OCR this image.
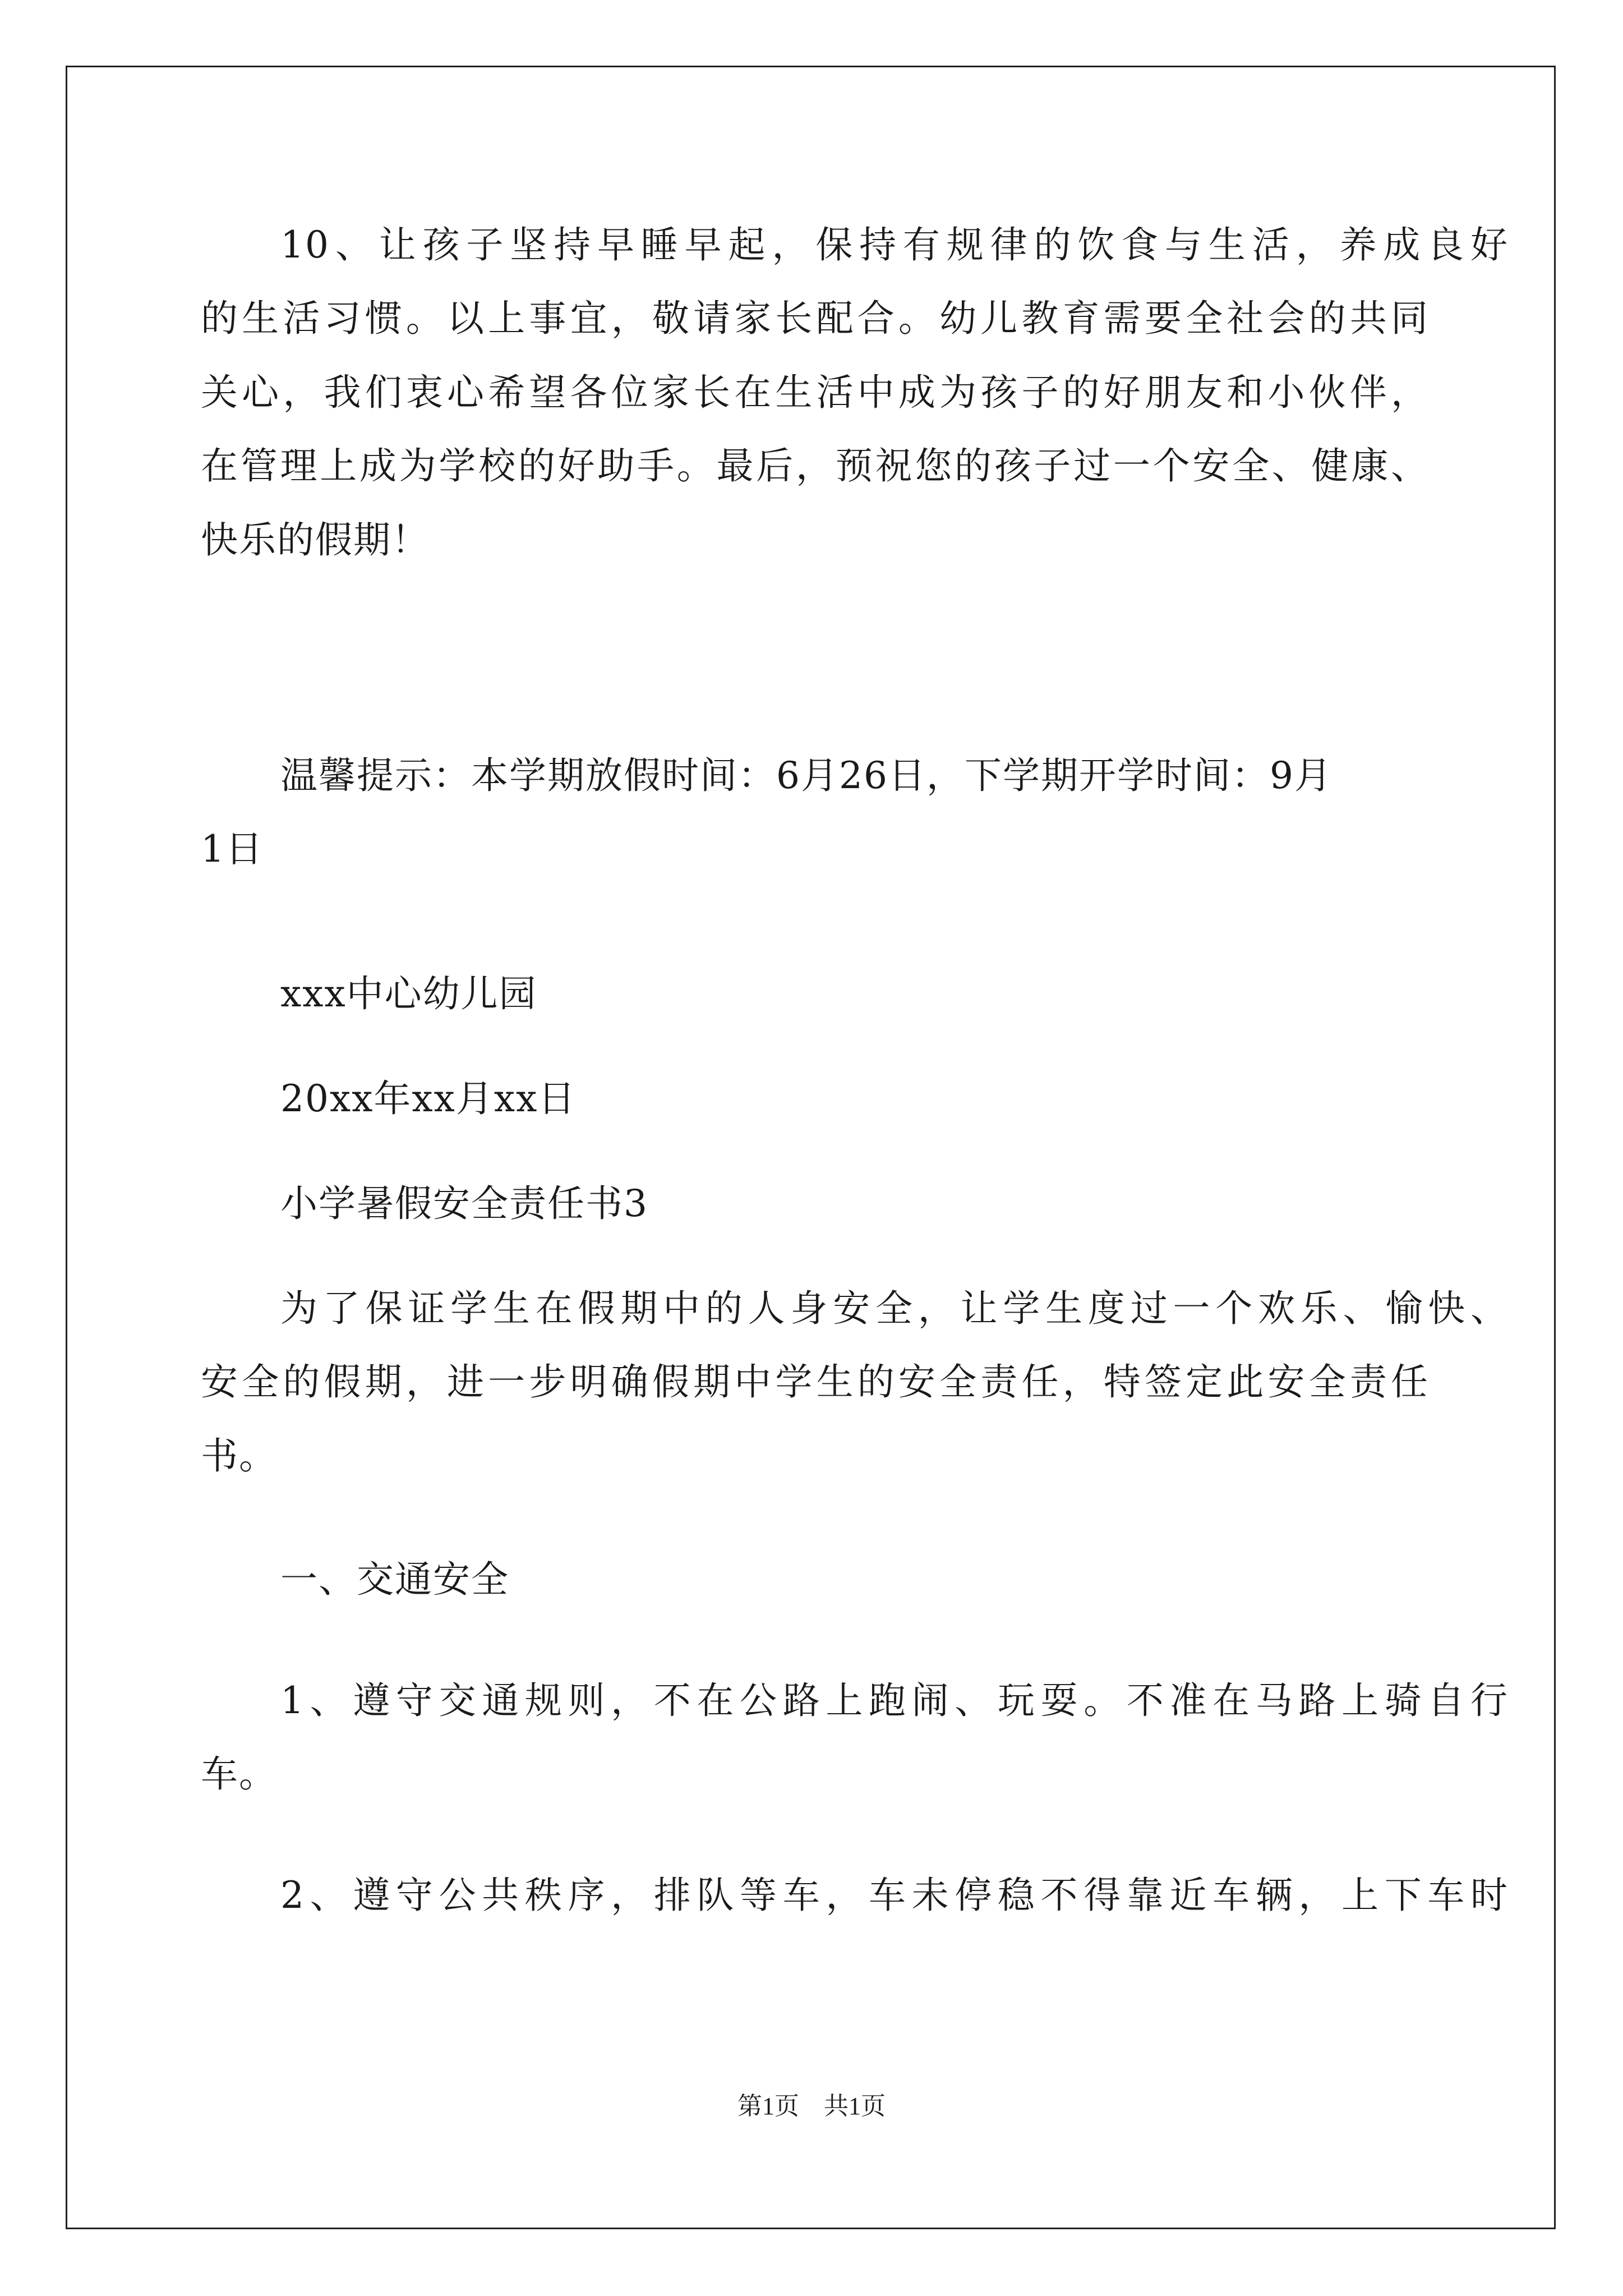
10、让孩子坚持早睡早起，保持有规律的饮食与生活，养成良好
的生活习惯。以上事宜，敬请家长配合。幼儿教育需要全社会的共同
关心，我们衷心希望各位家长在生活中成为孩子的好朋友和小伙伴，
在管理上成为学校的好助手。最后，预祝您的孩子过一个安全、健康、
快乐的假期！
温馨提示：本学期放假时间：6月26日，下学期开学时间：9月
1日
xxx中心幼儿园
20xx年xx月xx日
小学暑假安全责任书3
为了保证学生在假期中的人身安全，让学生度过一个欢乐、愉快、
安全的假期，进一步明确假期中学生的安全责任，特签定此安全责任
书。
一、交通安全
1、遵守交通规则，不在公路上跑闹、玩耍。不准在马路上骑自行
车。
2、遵守公共秩序，排队等车，车未停稳不得靠近车辆，上下车时
第1页　共1页
